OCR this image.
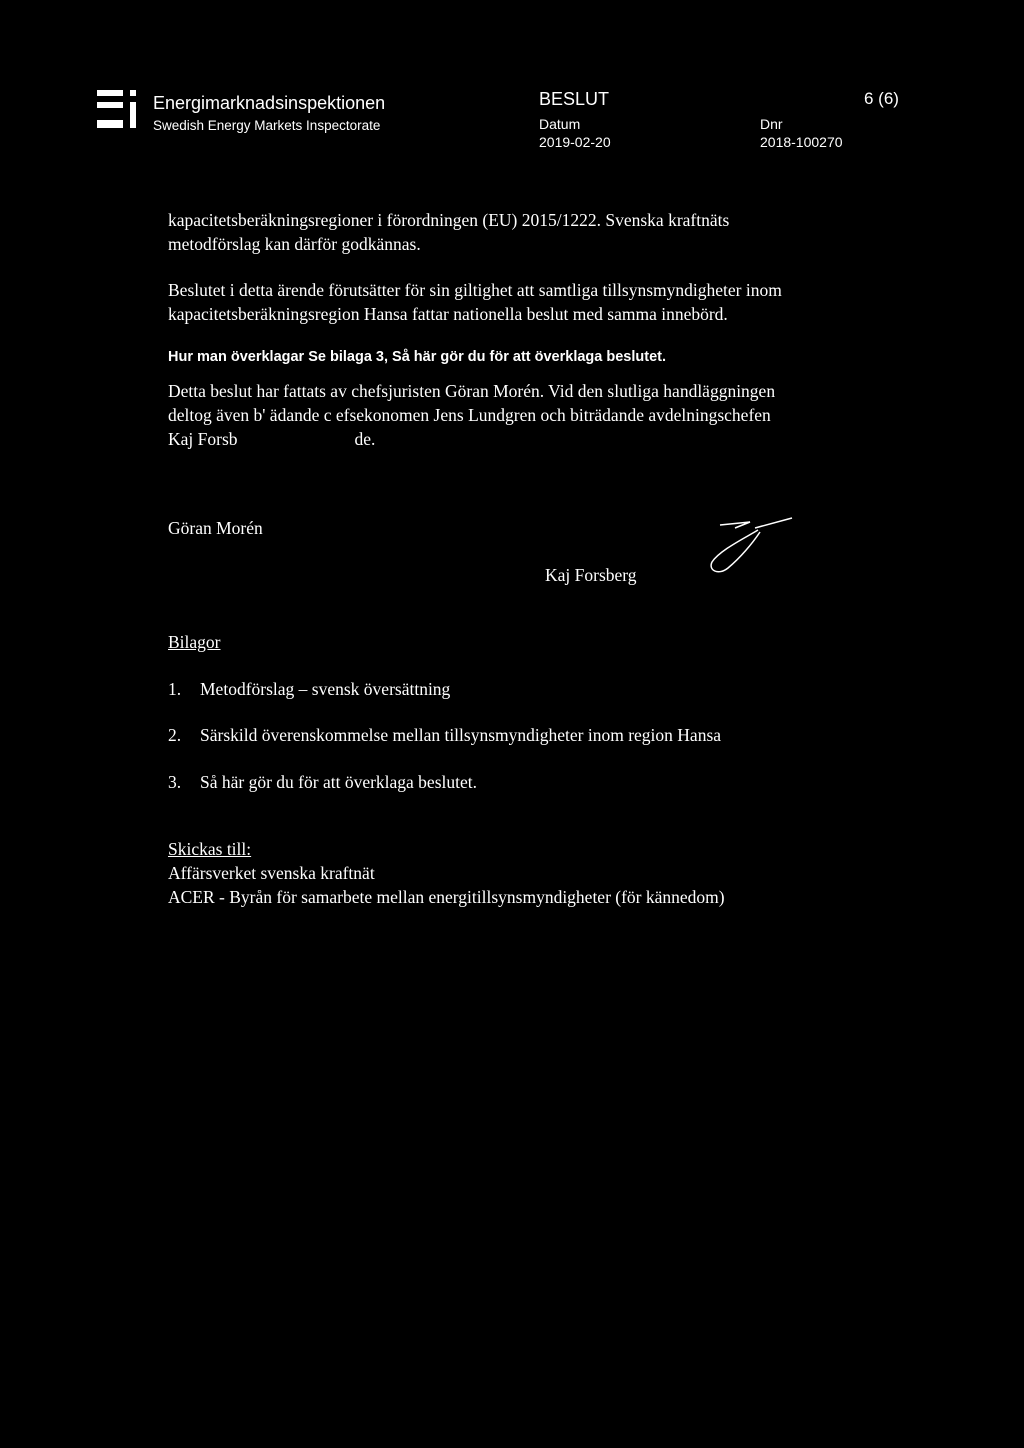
Energimarknadsinspektionen
Swedish Energy Markets Inspectorate
BESLUT	6 (6)
Datum
2019-02-20
Dnr
2018-100270
kapacitetsberäkningsregioner i förordningen (EU) 2015/1222. Svenska kraftnäts
metodförslag kan därför godkännas.
Beslutet i detta ärende förutsätter för sin giltighet att samtliga tillsynsmyndigheter inom
kapacitetsberäkningsregion Hansa fattar nationella beslut med samma innebörd.
Hur man överklagar Se bilaga 3, Så här gör du för att överklaga beslutet.
Detta beslut har fattats av chefsjuristen Göran Morén. Vid den slutliga handläggningen
deltog även b' ädande c efsekonomen Jens Lundgren och biträdande avdelningschefen
Kaj Forsb	de.
Göran Morén
Kaj Forsberg
Bilagor
1. Metodförslag – svensk översättning
2. Särskild överenskommelse mellan tillsynsmyndigheter inom region Hansa
3. Så här gör du för att överklaga beslutet.
Skickas till:
Affärsverket svenska kraftnät
ACER - Byrån för samarbete mellan energitillsynsmyndigheter (för kännedom)
